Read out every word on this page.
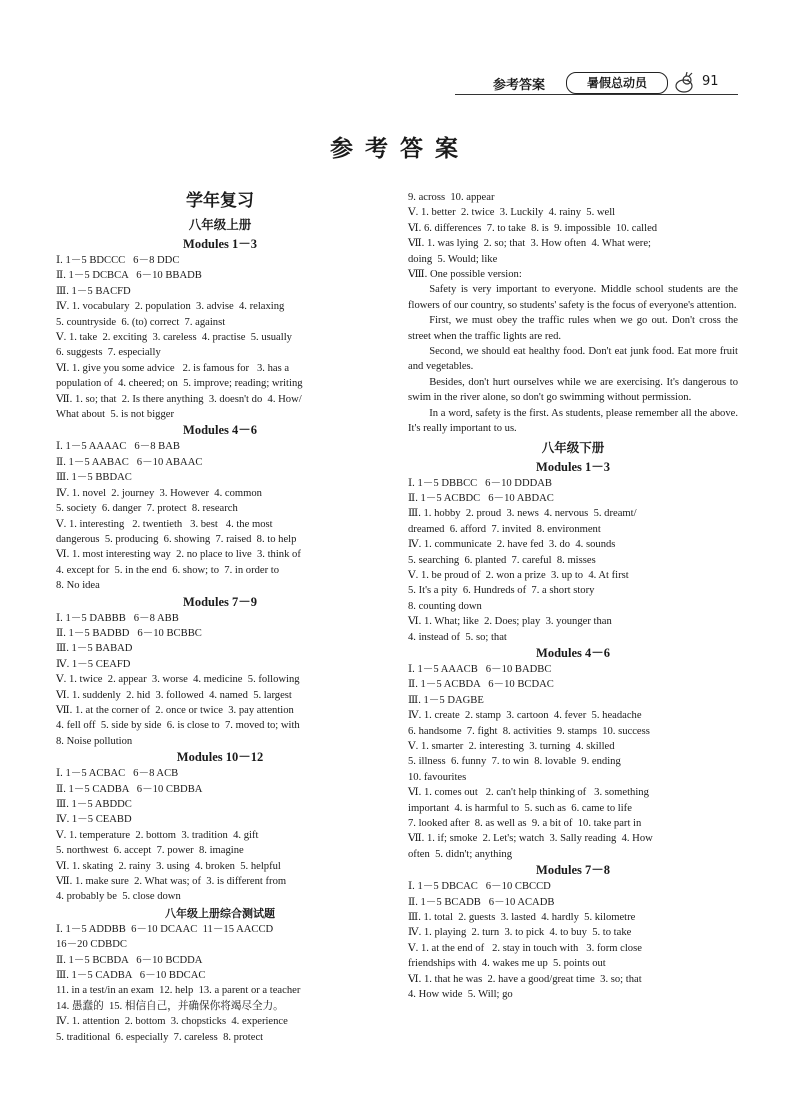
参考答案	暑假总动员	91
参考答案
学年复习
八年级上册
Modules 1－3
Ⅰ. 1－5 BDCCC   6－8 DDC
Ⅱ. 1－5 DCBCA   6－10 BBADB
Ⅲ. 1－5 BACFD
Ⅳ. 1. vocabulary  2. population  3. advise  4. relaxing
5. countryside  6. (to) correct  7. against
Ⅴ. 1. take  2. exciting  3. careless  4. practise  5. usually
6. suggests  7. especially
Ⅵ. 1. give you some advice   2. is famous for   3. has a
population of  4. cheered; on  5. improve; reading; writing
Ⅶ. 1. so; that  2. Is there anything  3. doesn't do  4. How/
What about  5. is not bigger
Modules 4－6
Ⅰ. 1－5 AAAAC   6－8 BAB
Ⅱ. 1－5 AABAC   6－10 ABAAC
Ⅲ. 1－5 BBDAC
Ⅳ. 1. novel  2. journey  3. However  4. common
5. society  6. danger  7. protect  8. research
Ⅴ. 1. interesting   2. twentieth   3. best   4. the most
dangerous  5. producing  6. showing  7. raised  8. to help
Ⅵ. 1. most interesting way  2. no place to live  3. think of
4. except for  5. in the end  6. show; to  7. in order to
8. No idea
Modules 7－9
Ⅰ. 1－5 DABBB   6－8 ABB
Ⅱ. 1－5 BADBD   6－10 BCBBC
Ⅲ. 1－5 BABAD
Ⅳ. 1－5 CEAFD
Ⅴ. 1. twice  2. appear  3. worse  4. medicine  5. following
Ⅵ. 1. suddenly  2. hid  3. followed  4. named  5. largest
Ⅶ. 1. at the corner of  2. once or twice  3. pay attention
4. fell off  5. side by side  6. is close to  7. moved to; with
8. Noise pollution
Modules 10－12
Ⅰ. 1－5 ACBAC   6－8 ACB
Ⅱ. 1－5 CADBA   6－10 CBDBA
Ⅲ. 1－5 ABDDC
Ⅳ. 1－5 CEABD
Ⅴ. 1. temperature  2. bottom  3. tradition  4. gift
5. northwest  6. accept  7. power  8. imagine
Ⅵ. 1. skating  2. rainy  3. using  4. broken  5. helpful
Ⅶ. 1. make sure  2. What was; of  3. is different from
4. probably be  5. close down
八年级上册综合测试题
Ⅰ. 1－5 ADDBB  6－10 DCAAC  11－15 AACCD
16－20 CDBDC
Ⅱ. 1－5 BCBDA   6－10 BCDDA
Ⅲ. 1－5 CADBA   6－10 BDCAC
11. in a test/in an exam  12. help  13. a parent or a teacher
14. 愚蠢的  15. 相信自己，并确保你将竭尽全力。
Ⅳ. 1. attention  2. bottom  3. chopsticks  4. experience
5. traditional  6. especially  7. careless  8. protect
9. across  10. appear
Ⅴ. 1. better  2. twice  3. Luckily  4. rainy  5. well
Ⅵ. 6. differences  7. to take  8. is  9. impossible  10. called
Ⅶ. 1. was lying  2. so; that  3. How often  4. What were;
doing  5. Would; like
Ⅷ. One possible version:
Safety is very important to everyone. Middle school students are the flowers of our country, so students' safety is the focus of everyone's attention.
First, we must obey the traffic rules when we go out. Don't cross the street when the traffic lights are red.
Second, we should eat healthy food. Don't eat junk food. Eat more fruit and vegetables.
Besides, don't hurt ourselves while we are exercising. It's dangerous to swim in the river alone, so don't go swimming without permission.
In a word, safety is the first. As students, please remember all the above. It's really important to us.
八年级下册
Modules 1－3
Ⅰ. 1－5 DBBCC   6－10 DDDAB
Ⅱ. 1－5 ACBDC   6－10 ABDAC
Ⅲ. 1. hobby  2. proud  3. news  4. nervous  5. dreamt/
dreamed  6. afford  7. invited  8. environment
Ⅳ. 1. communicate  2. have fed  3. do  4. sounds
5. searching  6. planted  7. careful  8. misses
Ⅴ. 1. be proud of  2. won a prize  3. up to  4. At first
5. It's a pity  6. Hundreds of  7. a short story
8. counting down
Ⅵ. 1. What; like  2. Does; play  3. younger than
4. instead of  5. so; that
Modules 4－6
Ⅰ. 1－5 AAACB   6－10 BADBC
Ⅱ. 1－5 ACBDA   6－10 BCDAC
Ⅲ. 1－5 DAGBE
Ⅳ. 1. create  2. stamp  3. cartoon  4. fever  5. headache
6. handsome  7. fight  8. activities  9. stamps  10. success
Ⅴ. 1. smarter  2. interesting  3. turning  4. skilled
5. illness  6. funny  7. to win  8. lovable  9. ending
10. favourites
Ⅵ. 1. comes out   2. can't help thinking of   3. something
important  4. is harmful to  5. such as  6. came to life
7. looked after  8. as well as  9. a bit of  10. take part in
Ⅶ. 1. if; smoke  2. Let's; watch  3. Sally reading  4. How
often  5. didn't; anything
Modules 7－8
Ⅰ. 1－5 DBCAC   6－10 CBCCD
Ⅱ. 1－5 BCADB   6－10 ACADB
Ⅲ. 1. total  2. guests  3. lasted  4. hardly  5. kilometre
Ⅳ. 1. playing  2. turn  3. to pick  4. to buy  5. to take
Ⅴ. 1. at the end of   2. stay in touch with   3. form close
friendships with  4. wakes me up  5. points out
Ⅵ. 1. that he was  2. have a good/great time  3. so; that
4. How wide  5. Will; go
